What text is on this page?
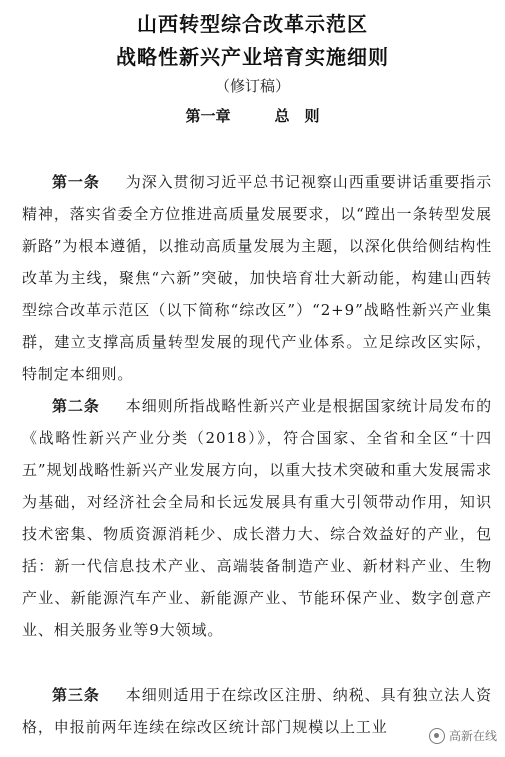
山西转型综合改革示范区
战略性新兴产业培育实施细则
（修订稿）
第一章	总　则
第一条 为深入贯彻习近平总书记视察山西重要讲话重要指示精神，落实省委全方位推进高质量发展要求，以“蹚出一条转型发展新路”为根本遵循，以推动高质量发展为主题，以深化供给侧结构性改革为主线，聚焦“六新”突破，加快培育壮大新动能，构建山西转型综合改革示范区（以下简称“综改区”）“2+9”战略性新兴产业集群，建立支撑高质量转型发展的现代产业体系。立足综改区实际，特制定本细则。
第二条 本细则所指战略性新兴产业是根据国家统计局发布的《战略性新兴产业分类（2018）》，符合国家、全省和全区“十四五”规划战略性新兴产业发展方向，以重大技术突破和重大发展需求为基础，对经济社会全局和长远发展具有重大引领带动作用，知识技术密集、物质资源消耗少、成长潜力大、综合效益好的产业，包括：新一代信息技术产业、高端装备制造产业、新材料产业、生物产业、新能源汽车产业、新能源产业、节能环保产业、数字创意产业、相关服务业等9大领域。
第三条 本细则适用于在综改区注册、纳税、具有独立法人资格，申报前两年连续在综改区统计部门规模以上工业	高新在线
